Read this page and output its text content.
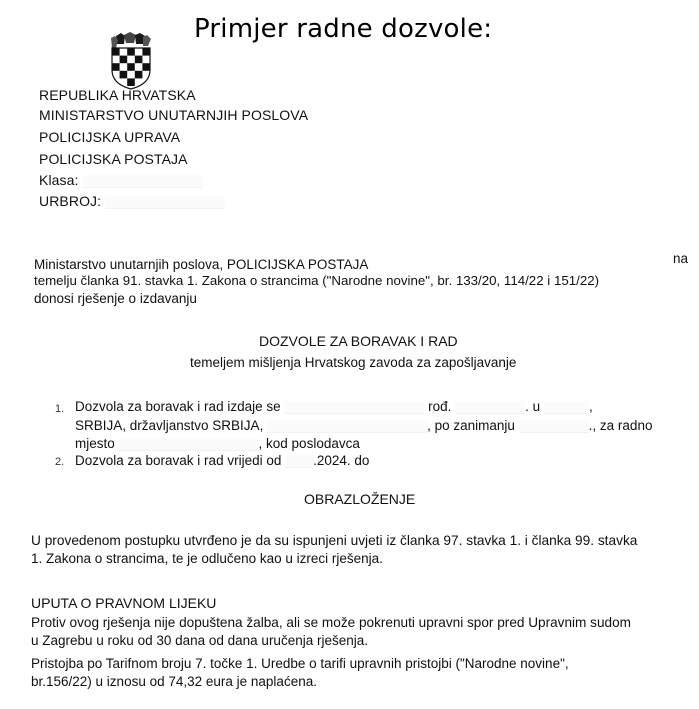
Primjer radne dozvole:
REPUBLIKA HRVATSKA
MINISTARSTVO UNUTARNJIH POSLOVA
POLICIJSKA UPRAVA
POLICIJSKA POSTAJA
Klasa:
URBROJ:
Ministarstvo unutarnjih poslova, POLICIJSKA POSTAJA	na
temelju članka 91. stavka 1. Zakona o strancima ("Narodne novine", br. 133/20, 114/22 i 151/22)
donosi rješenje o izdavanju
DOZVOLE ZA BORAVAK I RAD
temeljem mišljenja Hrvatskog zavoda za zapošljavanje
1. Dozvola za boravak i rad izdaje se	rođ.	. u	,
SRBIJA, državljanstvo SRBIJA,	, po zanimanju	., za radno
mjesto	, kod poslodavca
2. Dozvola za boravak i rad vrijedi od .2024. do
OBRAZLOŽENJE
U provedenom postupku utvrđeno je da su ispunjeni uvjeti iz članka 97. stavka 1. i članka 99. stavka
1. Zakona o strancima, te je odlučeno kao u izreci rješenja.
UPUTA O PRAVNOM LIJEKU
Protiv ovog rješenja nije dopuštena žalba, ali se može pokrenuti upravni spor pred Upravnim sudom
u Zagrebu u roku od 30 dana od dana uručenja rješenja.
Pristojba po Tarifnom broju 7. točke 1. Uredbe o tarifi upravnih pristojbi ("Narodne novine",
br.156/22) u iznosu od 74,32 eura je naplaćena.
